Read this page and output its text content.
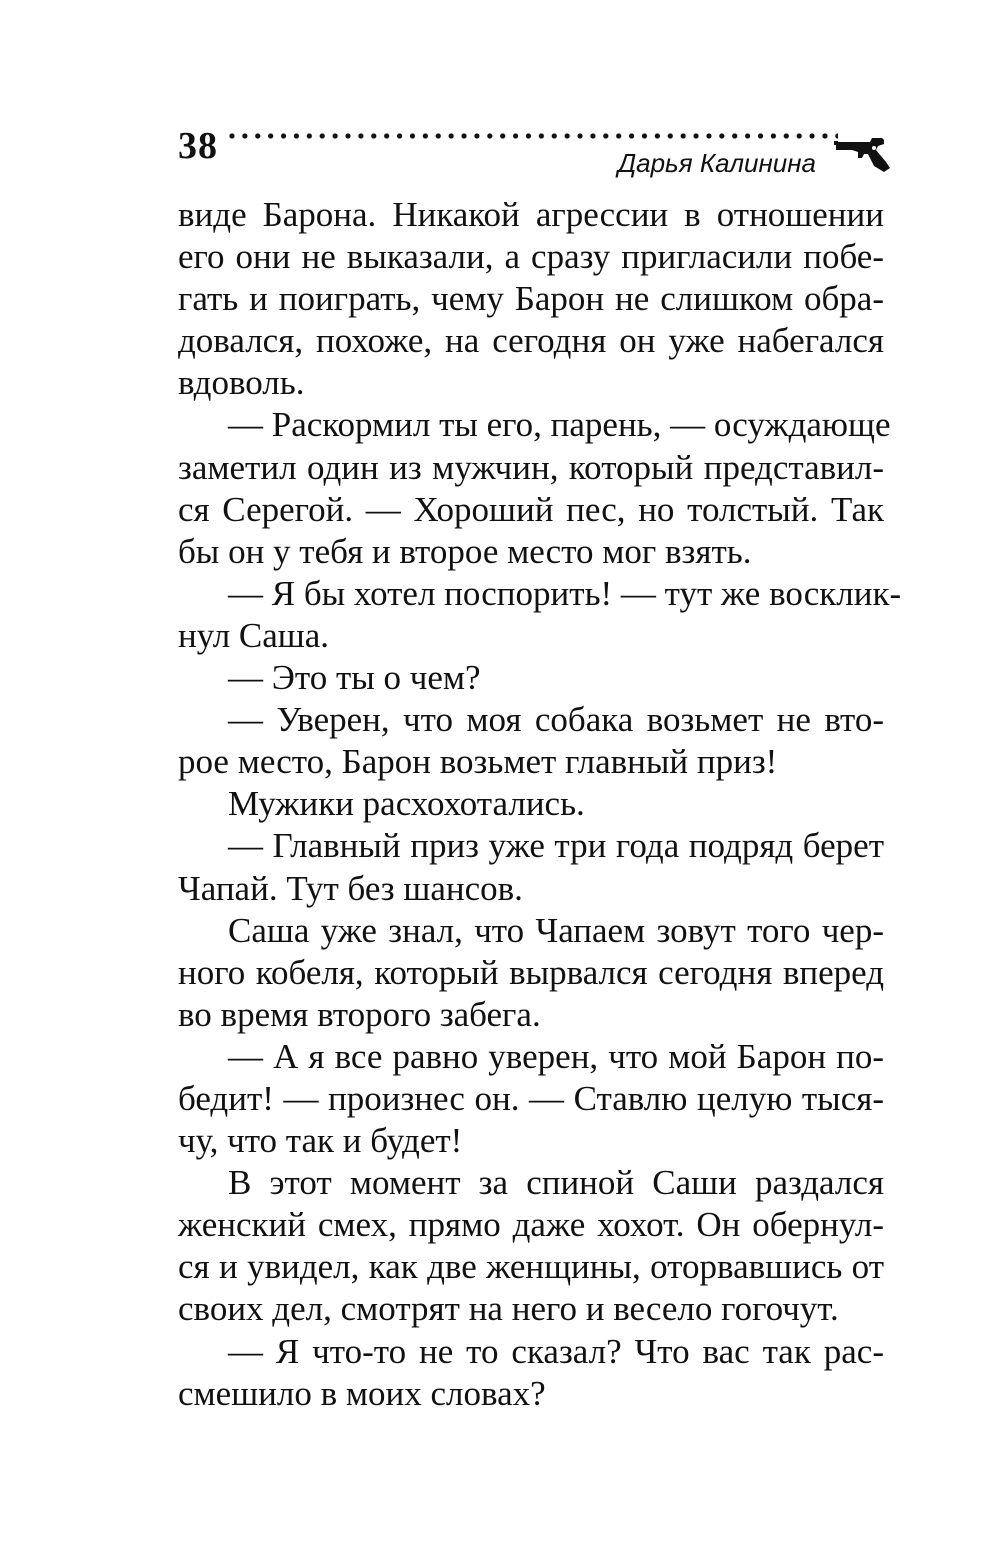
38	Дарья Калинина
виде Барона. Никакой агрессии в отношении
его они не выказали, а сразу пригласили побе-
гать и поиграть, чему Барон не слишком обра-
довался, похоже, на сегодня он уже набегался
вдоволь.
— Раскормил ты его, парень, — осуждающе
заметил один из мужчин, который представил-
ся Серегой. — Хороший пес, но толстый. Так
бы он у тебя и второе место мог взять.
— Я бы хотел поспорить! — тут же восклик-
нул Саша.
— Это ты о чем?
— Уверен, что моя собака возьмет не вто-
рое место, Барон возьмет главный приз!
Мужики расхохотались.
— Главный приз уже три года подряд берет
Чапай. Тут без шансов.
Саша уже знал, что Чапаем зовут того чер-
ного кобеля, который вырвался сегодня вперед
во время второго забега.
— А я все равно уверен, что мой Барон по-
бедит! — произнес он. — Ставлю целую тыся-
чу, что так и будет!
В этот момент за спиной Саши раздался
женский смех, прямо даже хохот. Он обернул-
ся и увидел, как две женщины, оторвавшись от
своих дел, смотрят на него и весело гогочут.
— Я что-то не то сказал? Что вас так рас-
смешило в моих словах?
